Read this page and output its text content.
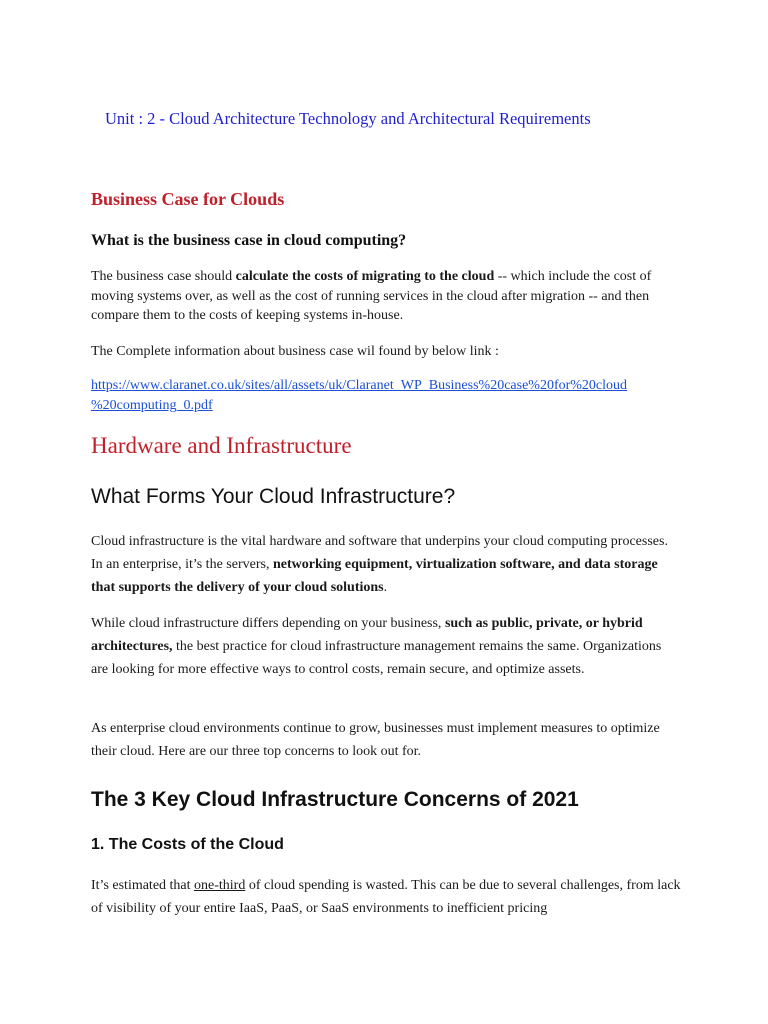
Unit : 2 - Cloud Architecture Technology and Architectural Requirements
Business Case for Clouds
What is the business case in cloud computing?

The business case should calculate the costs of migrating to the cloud -- which include the cost of moving systems over, as well as the cost of running services in the cloud after migration -- and then compare them to the costs of keeping systems in-house.

The Complete information about business case wil found by below link :

https://www.claranet.co.uk/sites/all/assets/uk/Claranet_WP_Business%20case%20for%20cloud
%20computing_0.pdf
Hardware and Infrastructure
What Forms Your Cloud Infrastructure?

Cloud infrastructure is the vital hardware and software that underpins your cloud computing processes. In an enterprise, it’s the servers, networking equipment, virtualization software, and data storage that supports the delivery of your cloud solutions.

While cloud infrastructure differs depending on your business, such as public, private, or hybrid architectures, the best practice for cloud infrastructure management remains the same. Organizations are looking for more effective ways to control costs, remain secure, and optimize assets.

As enterprise cloud environments continue to grow, businesses must implement measures to optimize their cloud. Here are our three top concerns to look out for.

The 3 Key Cloud Infrastructure Concerns of 2021
1. The Costs of the Cloud

It’s estimated that one-third of cloud spending is wasted. This can be due to several challenges, from lack of visibility of your entire IaaS, PaaS, or SaaS environments to inefficient pricing
